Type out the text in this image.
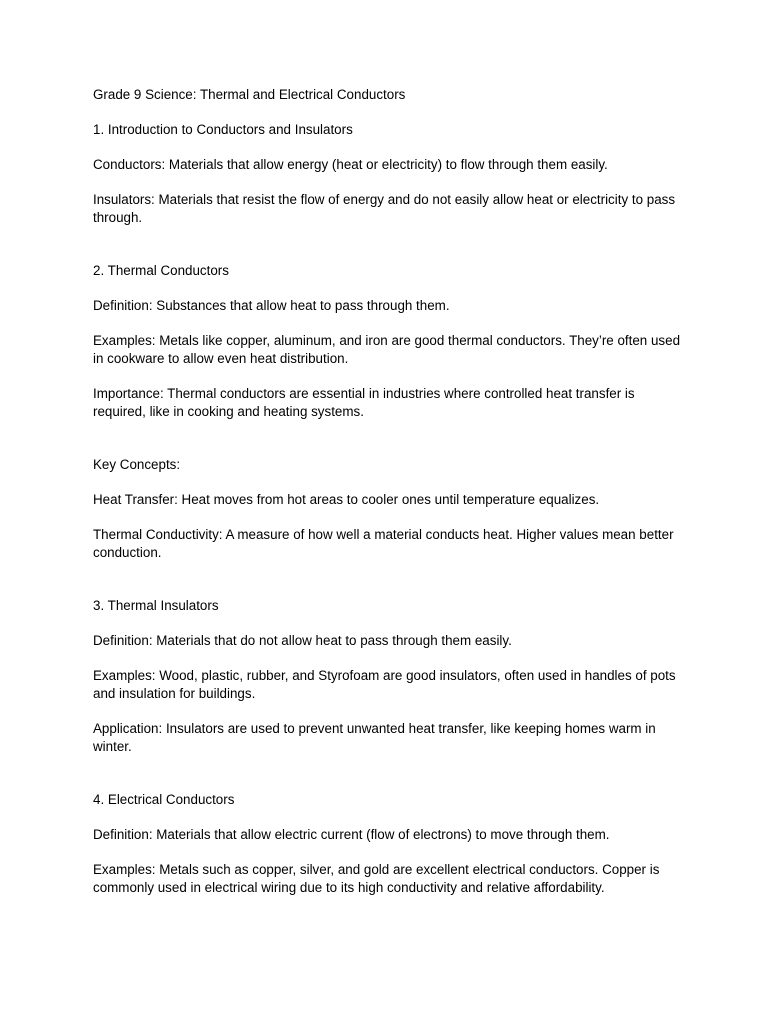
Grade 9 Science: Thermal and Electrical Conductors
1. Introduction to Conductors and Insulators
Conductors: Materials that allow energy (heat or electricity) to flow through them easily.
Insulators: Materials that resist the flow of energy and do not easily allow heat or electricity to pass through.
2. Thermal Conductors
Definition: Substances that allow heat to pass through them.
Examples: Metals like copper, aluminum, and iron are good thermal conductors. They’re often used in cookware to allow even heat distribution.
Importance: Thermal conductors are essential in industries where controlled heat transfer is required, like in cooking and heating systems.
Key Concepts:
Heat Transfer: Heat moves from hot areas to cooler ones until temperature equalizes.
Thermal Conductivity: A measure of how well a material conducts heat. Higher values mean better conduction.
3. Thermal Insulators
Definition: Materials that do not allow heat to pass through them easily.
Examples: Wood, plastic, rubber, and Styrofoam are good insulators, often used in handles of pots and insulation for buildings.
Application: Insulators are used to prevent unwanted heat transfer, like keeping homes warm in winter.
4. Electrical Conductors
Definition: Materials that allow electric current (flow of electrons) to move through them.
Examples: Metals such as copper, silver, and gold are excellent electrical conductors. Copper is commonly used in electrical wiring due to its high conductivity and relative affordability.
